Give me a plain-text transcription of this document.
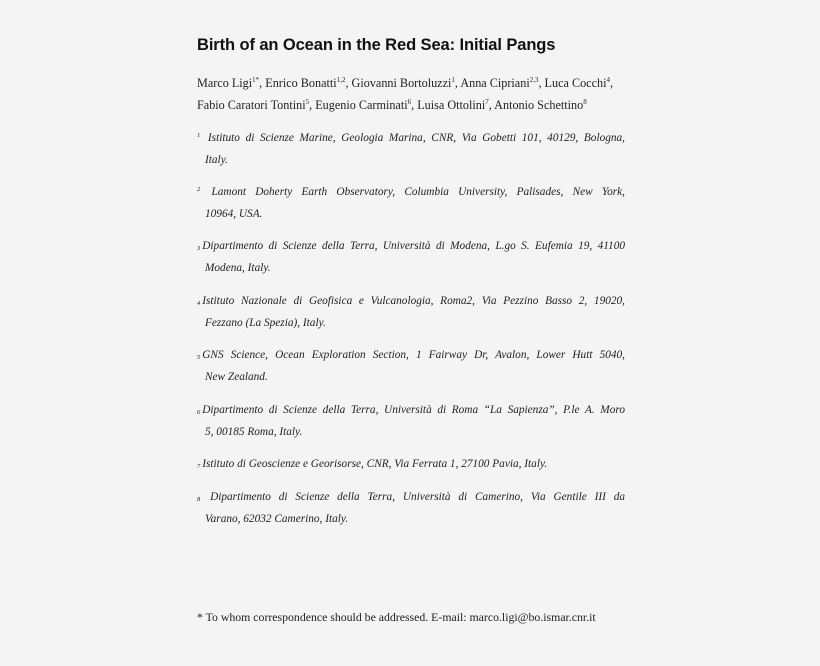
Birth of an Ocean in the Red Sea: Initial Pangs
Marco Ligi$^{1*}$, Enrico Bonatti$^{1,2}$, Giovanni Bortoluzzi$^1$, Anna Cipriani$^{2,3}$, Luca Cocchi$^4$,
Fabio Caratori Tontini$^5$, Eugenio Carminati$^6$, Luisa Ottolini$^7$, Antonio Schettino$^8$
$^1$ Istituto di Scienze Marine, Geologia Marina, CNR, Via Gobetti 101, 40129, Bologna,
Italy.
$^2$ Lamont Doherty Earth Observatory, Columbia University, Palisades, New York,
10964, USA.
3 Dipartimento di Scienze della Terra, Università di Modena, L.go S. Eufemia 19, 41100
Modena, Italy.
4 Istituto Nazionale di Geofisica e Vulcanologia, Roma2, Via Pezzino Basso 2, 19020,
Fezzano (La Spezia), Italy.
5 GNS Science, Ocean Exploration Section, 1 Fairway Dr, Avalon, Lower Hutt 5040,
New Zealand.
6 Dipartimento di Scienze della Terra, Università di Roma “La Sapienza”, P.le A. Moro
5, 00185 Roma, Italy.
7 Istituto di Geoscienze e Georisorse, CNR, Via Ferrata 1, 27100 Pavia, Italy.
8 Dipartimento di Scienze della Terra, Università di Camerino, Via Gentile III da
Varano, 62032 Camerino, Italy.
* To whom correspondence should be addressed. E-mail: marco.ligi@bo.ismar.cnr.it
